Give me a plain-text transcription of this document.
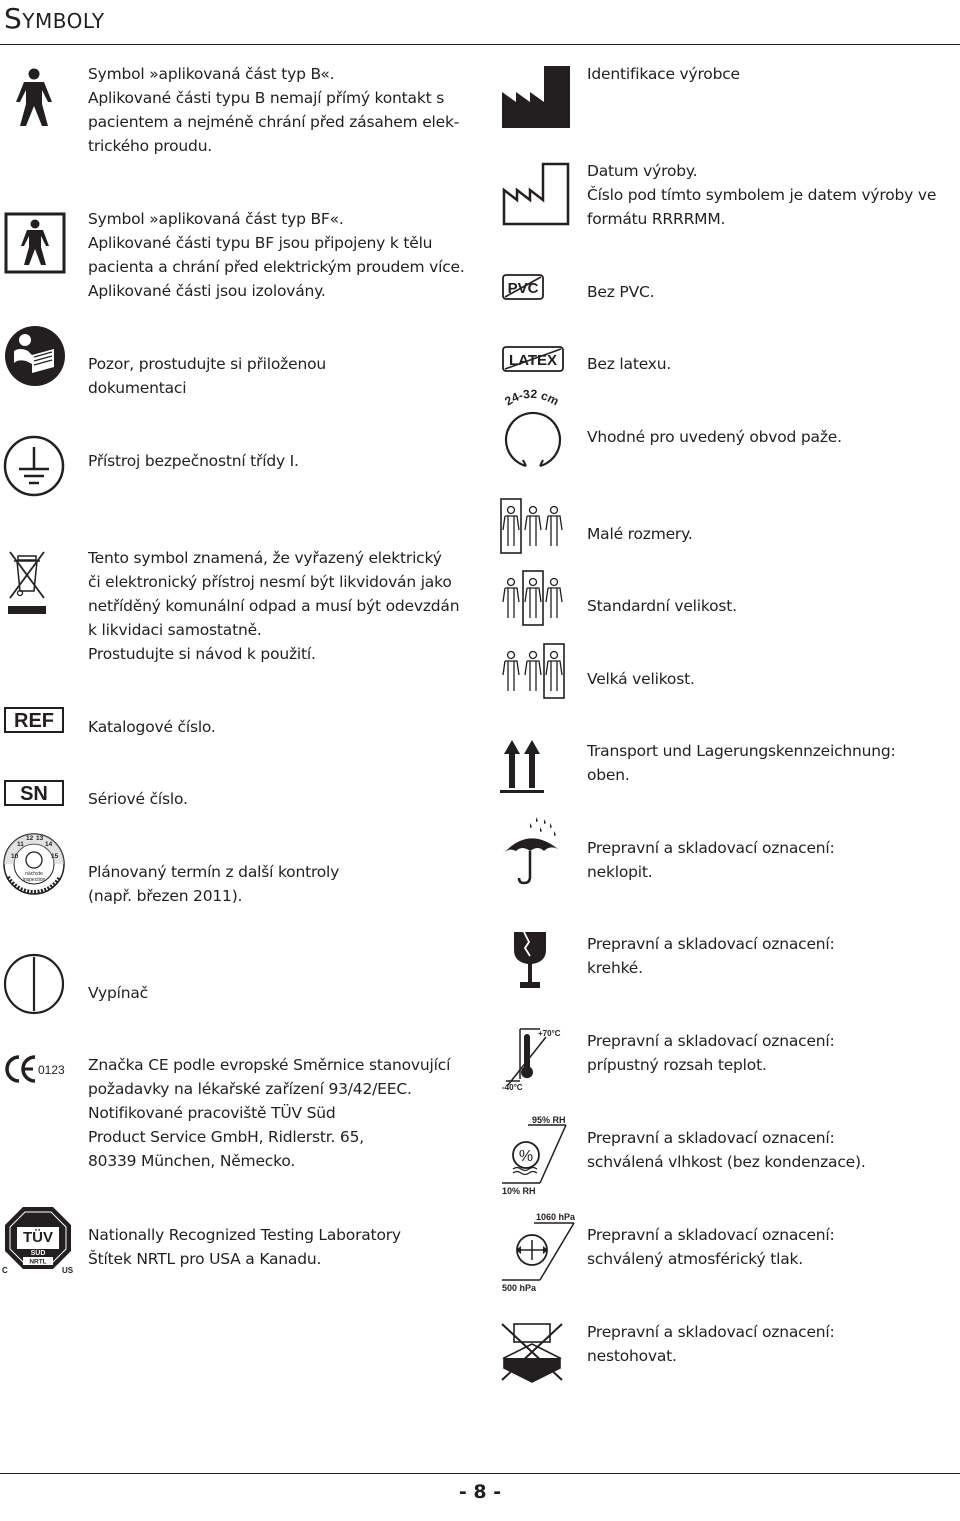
Symboly
REF
SN
10
11
12 13
14
15
nächste
inspection
0123
TÜV
SÜD
NRTL
C	US
Symbol »aplikovaná část typ B«.
Aplikované části typu B nemají přímý kontakt s
pacientem a nejméně chrání před zásahem elek-
trického proudu.
Symbol »aplikovaná část typ BF«.
Aplikované části typu BF jsou připojeny k tělu
pacienta a chrání před elektrickým proudem více.
Aplikované části jsou izolovány.
Pozor, prostudujte si přiloženou
dokumentaci
Přístroj bezpečnostní třídy I.
Tento symbol znamená, že vyřazený elektrický
či elektronický přístroj nesmí být likvidován jako
netříděný komunální odpad a musí být odevzdán
k likvidaci samostatně.
Prostudujte si návod k použití.
Katalogové číslo.
Sériové číslo.
Plánovaný termín z další kontroly
(např. březen 2011).
Vypínač
Značka CE podle evropské Směrnice stanovující
požadavky na lékařské zařízení 93/42/EEC.
Notifikované pracoviště TÜV Süd
Product Service GmbH, Ridlerstr. 65,
80339 München, Německo.
Nationally Recognized Testing Laboratory
Štítek NRTL pro USA a Kanadu.
PVC
LATEX
24-32 cm
+70°C
-40°C
95% RH
%
10% RH
1060 hPa
500 hPa
Identifikace výrobce
Datum výroby.
Číslo pod tímto symbolem je datem výroby ve
formátu RRRRMM.
Bez PVC.
Bez latexu.
Vhodné pro uvedený obvod paže.
Malé rozmery.
Standardní velikost.
Velká velikost.
Transport und Lagerungskennzeichnung:
oben.
Prepravní a skladovací oznacení:
neklopit.
Prepravní a skladovací oznacení:
krehké.
Prepravní a skladovací oznacení:
prípustný rozsah teplot.
Prepravní a skladovací oznacení:
schválená vlhkost (bez kondenzace).
Prepravní a skladovací oznacení:
schválený atmosférický tlak.
Prepravní a skladovací oznacení:
nestohovat.
- 8 -
